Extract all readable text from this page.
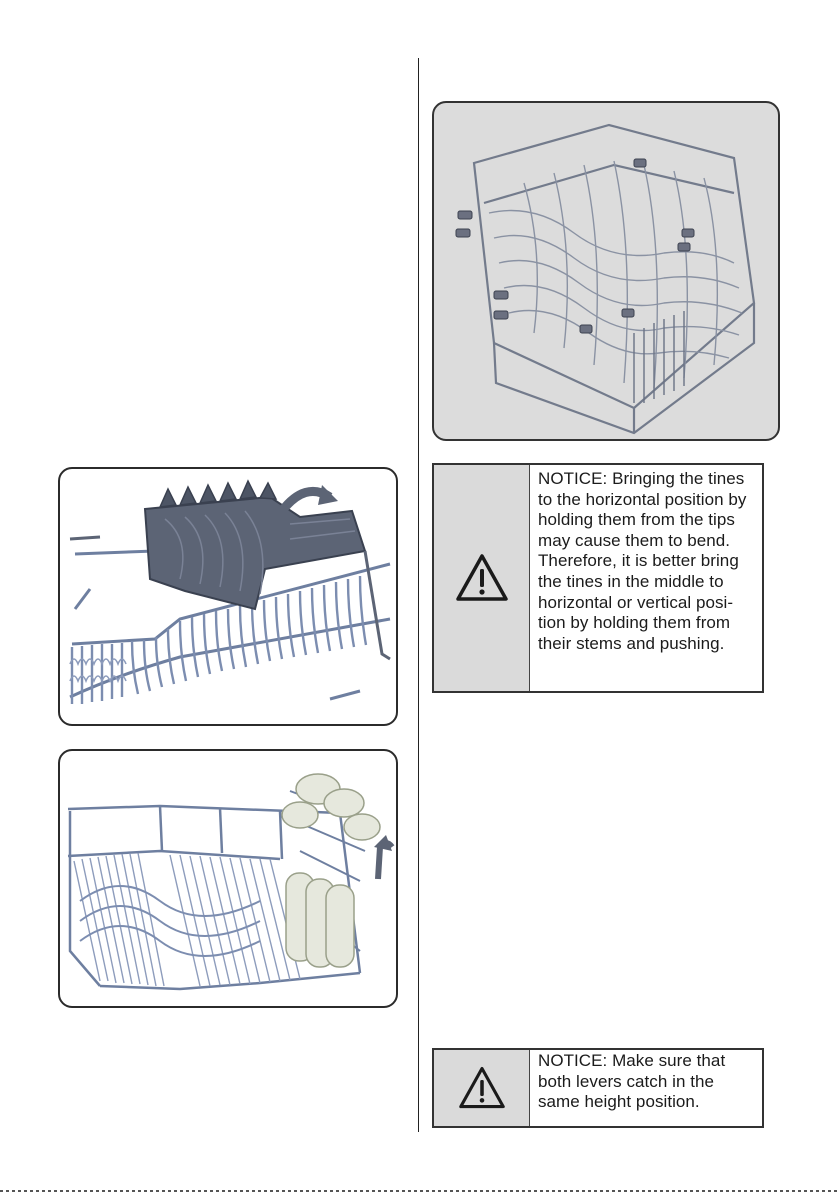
NOTICE: Bringing the tines
to the horizontal position by
holding them from the tips
may cause them to bend.
Therefore, it is better bring
the tines in the middle to
horizontal or vertical posi-
tion by holding them from
their stems and pushing.
NOTICE: Make sure that
both levers catch in the
same height position.
